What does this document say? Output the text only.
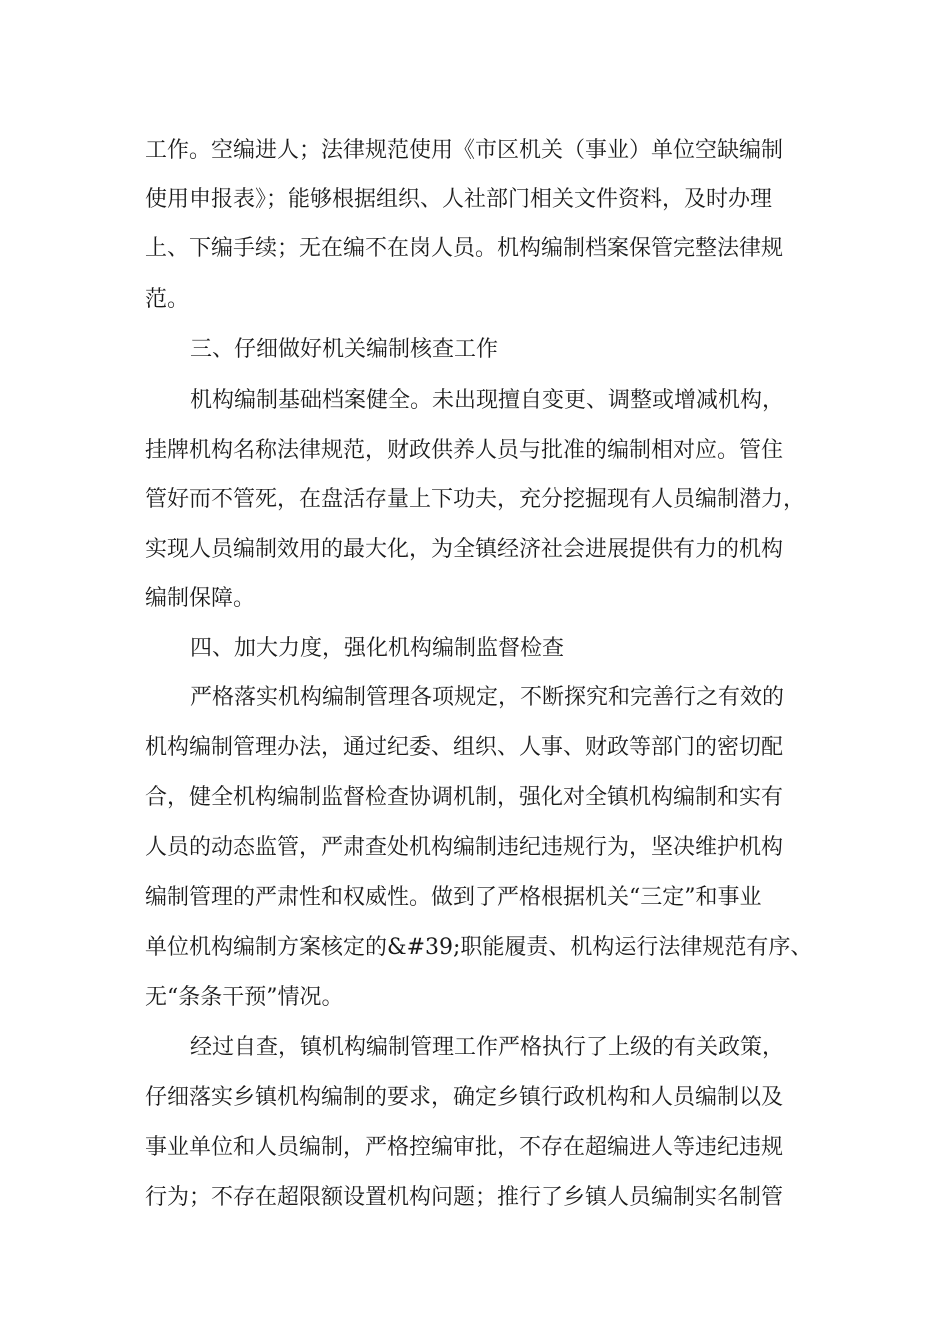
工作。空编进人；法律规范使用《市区机关（事业）单位空缺编制
使用申报表》；能够根据组织、人社部门相关文件资料，及时办理
上、下编手续；无在编不在岗人员。机构编制档案保管完整法律规
范。
三、仔细做好机关编制核查工作
机构编制基础档案健全。未出现擅自变更、调整或增减机构，
挂牌机构名称法律规范，财政供养人员与批准的编制相对应。管住
管好而不管死，在盘活存量上下功夫，充分挖掘现有人员编制潜力，
实现人员编制效用的最大化，为全镇经济社会进展提供有力的机构
编制保障。
四、加大力度，强化机构编制监督检查
严格落实机构编制管理各项规定，不断探究和完善行之有效的
机构编制管理办法，通过纪委、组织、人事、财政等部门的密切配
合，健全机构编制监督检查协调机制，强化对全镇机构编制和实有
人员的动态监管，严肃查处机构编制违纪违规行为，坚决维护机构
编制管理的严肃性和权威性。做到了严格根据机关“三定”和事业
单位机构编制方案核定的&#39;职能履责、机构运行法律规范有序、
无“条条干预”情况。
经过自查，镇机构编制管理工作严格执行了上级的有关政策，
仔细落实乡镇机构编制的要求，确定乡镇行政机构和人员编制以及
事业单位和人员编制，严格控编审批，不存在超编进人等违纪违规
行为；不存在超限额设置机构问题；推行了乡镇人员编制实名制管
